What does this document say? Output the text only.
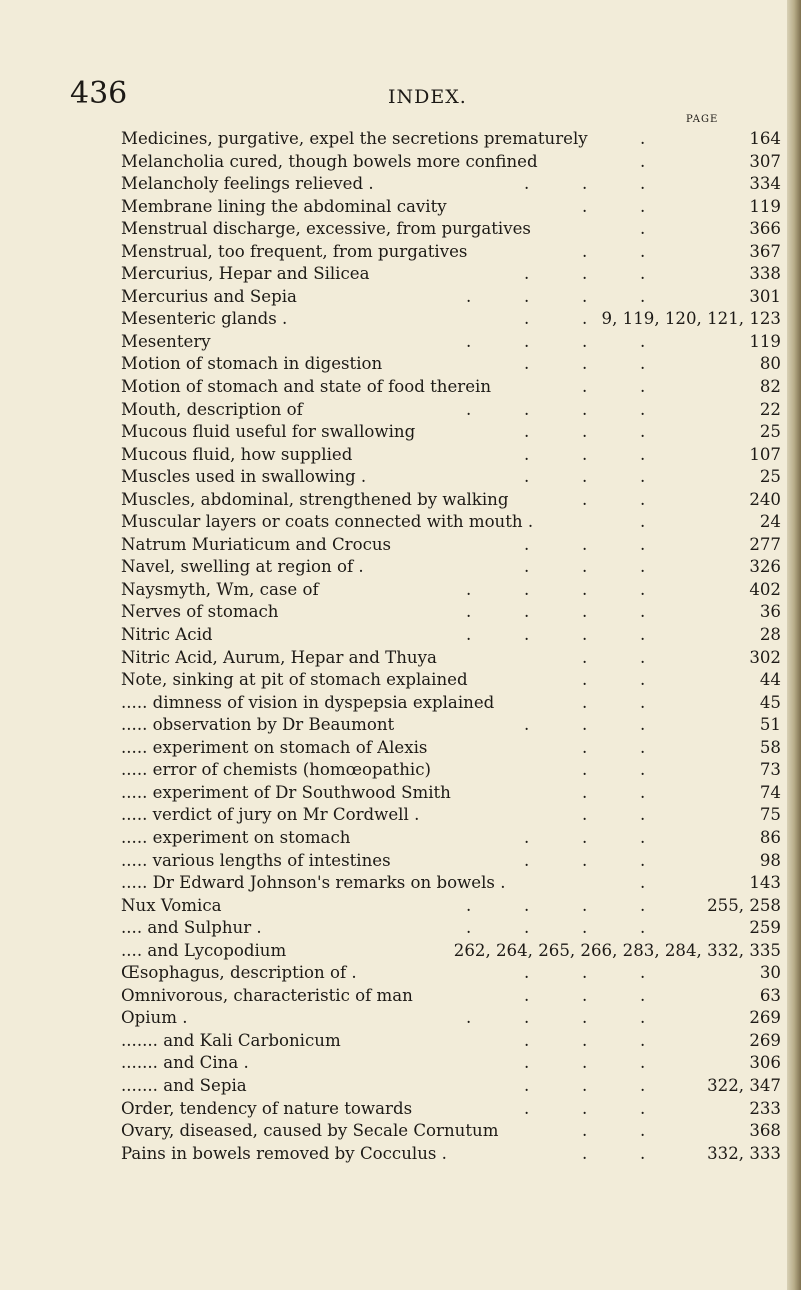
436	INDEX.
PAGE
Medicines, purgative, expel the secretions prematurely	164
.
Melancholia cured, though bowels more confined	307
.
Melancholy feelings relieved .	334
.	.	.
Membrane lining the abdominal cavity	119
.	.
Menstrual discharge, excessive, from purgatives	366
.
Menstrual, too frequent, from purgatives	367
.	.
Mercurius, Hepar and Silicea	338
.	.	.
Mercurius and Sepia	301
.	.	.	.
Mesenteric glands .	9, 119, 120, 121, 123
.	.
Mesentery	119
.	.	.	.
Motion of stomach in digestion	80
.	.	.
Motion of stomach and state of food therein	82
.	.
Mouth, description of	22
.	.	.	.
Mucous fluid useful for swallowing	25
.	.	.
Mucous fluid, how supplied	107
.	.	.
Muscles used in swallowing .	25
.	.	.
Muscles, abdominal, strengthened by walking	240
.	.
Muscular layers or coats connected with mouth .	24
.
Natrum Muriaticum and Crocus	277
.	.	.
Navel, swelling at region of .	326
.	.	.
Naysmyth, Wm, case of	402
.	.	.	.
Nerves of stomach	36
.	.	.	.
Nitric Acid	28
.	.	.	.
Nitric Acid, Aurum, Hepar and Thuya	302
.	.
Note, sinking at pit of stomach explained	44
.	.
..... dimness of vision in dyspepsia explained	45
.	.
..... observation by Dr Beaumont	51
.	.	.
..... experiment on stomach of Alexis	58
.	.
..... error of chemists (homœopathic)	73
.	.
..... experiment of Dr Southwood Smith	74
.	.
..... verdict of jury on Mr Cordwell .	75
.	.
..... experiment on stomach	86
.	.	.
..... various lengths of intestines	98
.	.	.
..... Dr Edward Johnson's remarks on bowels .	143
.
Nux Vomica	255, 258
.	.	.	.
.... and Sulphur .	259
.	.	.	.
.... and Lycopodium	262, 264, 265, 266, 283, 284, 332, 335
Œsophagus, description of .	30
.	.	.
Omnivorous, characteristic of man	63
.	.	.
Opium .	269
.	.	.	.
....... and Kali Carbonicum	269
.	.	.
....... and Cina .	306
.	.	.
....... and Sepia	322, 347
.	.	.
Order, tendency of nature towards	233
.	.	.
Ovary, diseased, caused by Secale Cornutum	368
.	.
Pains in bowels removed by Cocculus .	332, 333
.	.
